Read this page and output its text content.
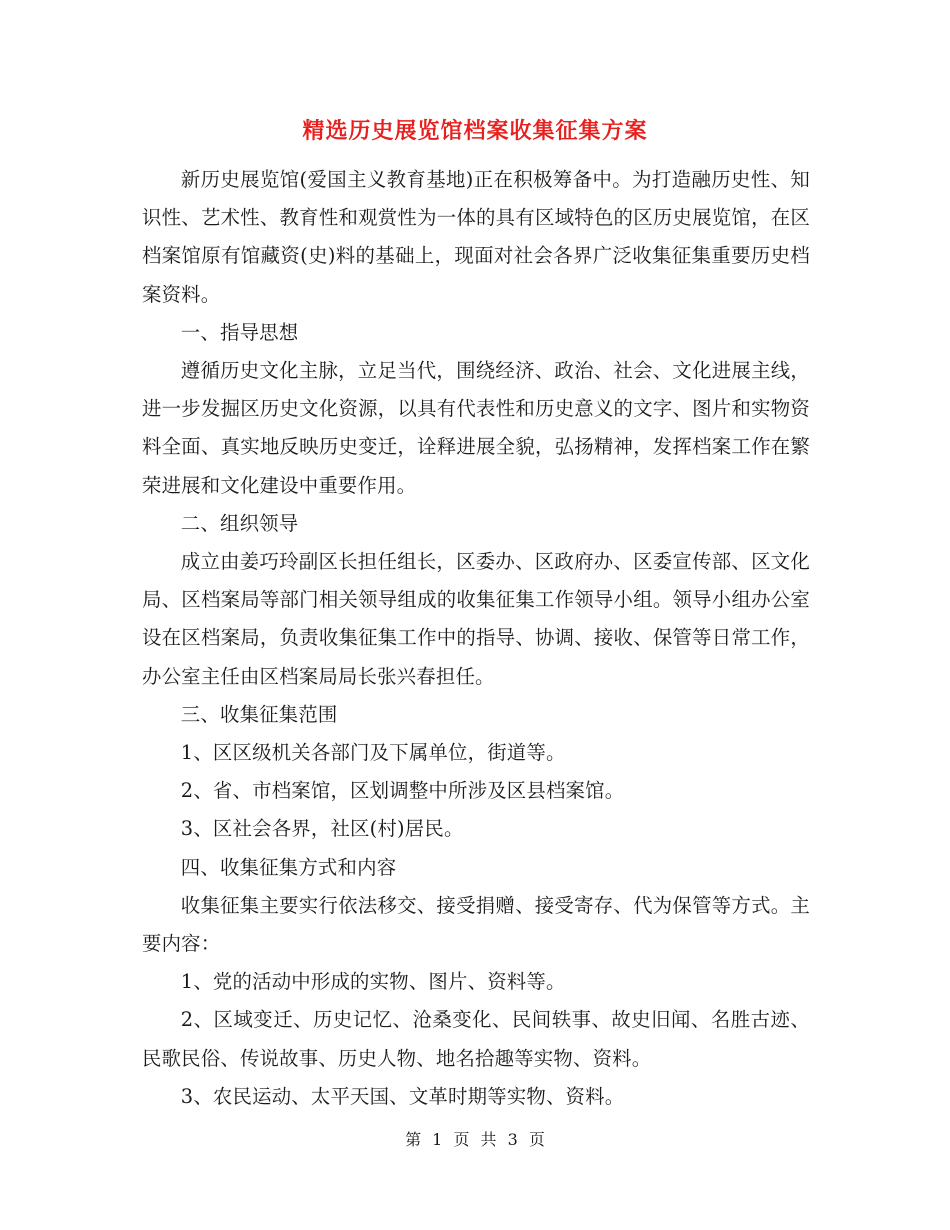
精选历史展览馆档案收集征集方案

新历史展览馆(爱国主义教育基地)正在积极筹备中。为打造融历史性、知识性、艺术性、教育性和观赏性为一体的具有区域特色的区历史展览馆，在区档案馆原有馆藏资(史)料的基础上，现面对社会各界广泛收集征集重要历史档案资料。

一、指导思想

遵循历史文化主脉，立足当代，围绕经济、政治、社会、文化进展主线，进一步发掘区历史文化资源，以具有代表性和历史意义的文字、图片和实物资料全面、真实地反映历史变迁，诠释进展全貌，弘扬精神，发挥档案工作在繁荣进展和文化建设中重要作用。

二、组织领导

成立由姜巧玲副区长担任组长，区委办、区政府办、区委宣传部、区文化局、区档案局等部门相关领导组成的收集征集工作领导小组。领导小组办公室设在区档案局，负责收集征集工作中的指导、协调、接收、保管等日常工作，办公室主任由区档案局局长张兴春担任。

三、收集征集范围

1、区区级机关各部门及下属单位，街道等。

2、省、市档案馆，区划调整中所涉及区县档案馆。

3、区社会各界，社区(村)居民。

四、收集征集方式和内容

收集征集主要实行依法移交、接受捐赠、接受寄存、代为保管等方式。主要内容：

1、党的活动中形成的实物、图片、资料等。

2、区域变迁、历史记忆、沧桑变化、民间轶事、故史旧闻、名胜古迹、民歌民俗、传说故事、历史人物、地名拾趣等实物、资料。

3、农民运动、太平天国、文革时期等实物、资料。

第 1 页 共 3 页
